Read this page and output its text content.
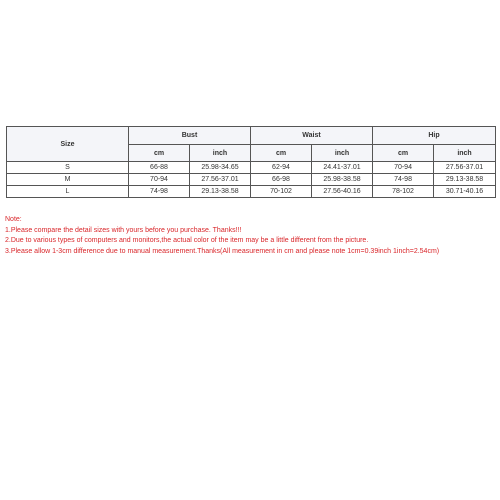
Size	Bust		Waist		Hip	
	cm	inch	cm	inch	cm	inch
S	66-88	25.98-34.65	62-94	24.41-37.01	70-94	27.56-37.01
M	70-94	27.56-37.01	66-98	25.98-38.58	74-98	29.13-38.58
L	74-98	29.13-38.58	70-102	27.56-40.16	78-102	30.71-40.16
Note:
1.Please compare the detail sizes with yours before you purchase. Thanks!!!
2.Due to various types of computers and monitors,the actual color of the item may be a little different from the picture.
3.Please allow 1-3cm difference due to manual measurement.Thanks(All measurement in cm and please note 1cm=0.39inch 1inch=2.54cm)
